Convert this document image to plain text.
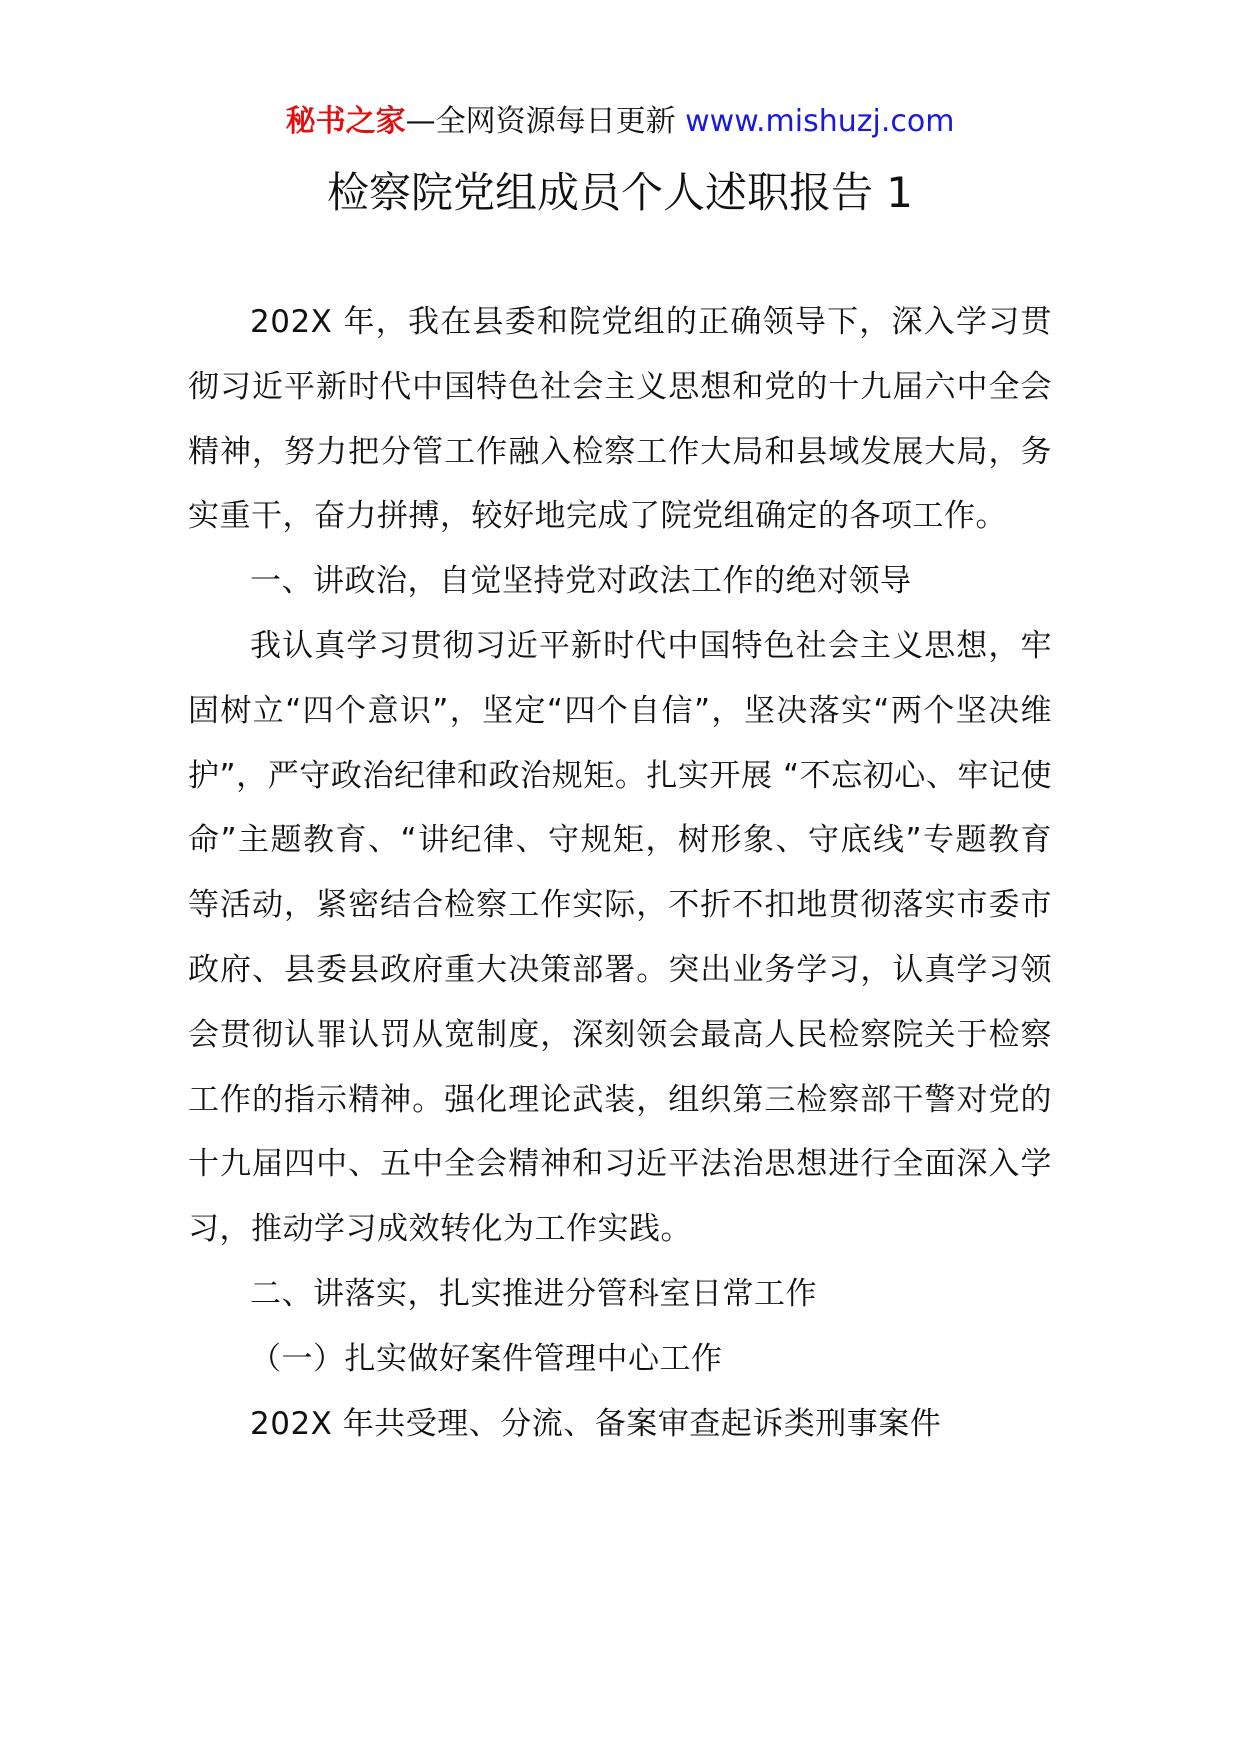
秘书之家—全网资源每日更新 www.mishuzj.com
检察院党组成员个人述职报告 1

202X 年，我在县委和院党组的正确领导下，深入学习贯彻习近平新时代中国特色社会主义思想和党的十九届六中全会精神，努力把分管工作融入检察工作大局和县域发展大局，务实重干，奋力拼搏，较好地完成了院党组确定的各项工作。

一、讲政治，自觉坚持党对政法工作的绝对领导

我认真学习贯彻习近平新时代中国特色社会主义思想，牢固树立“四个意识”，坚定“四个自信”，坚决落实“两个坚决维护”，严守政治纪律和政治规矩。扎实开展 “不忘初心、牢记使命”主题教育、“讲纪律、守规矩，树形象、守底线”专题教育等活动，紧密结合检察工作实际，不折不扣地贯彻落实市委市政府、县委县政府重大决策部署。突出业务学习，认真学习领会贯彻认罪认罚从宽制度，深刻领会最高人民检察院关于检察工作的指示精神。强化理论武装，组织第三检察部干警对党的十九届四中、五中全会精神和习近平法治思想进行全面深入学习，推动学习成效转化为工作实践。

二、讲落实，扎实推进分管科室日常工作

（一）扎实做好案件管理中心工作

202X 年共受理、分流、备案审查起诉类刑事案件
